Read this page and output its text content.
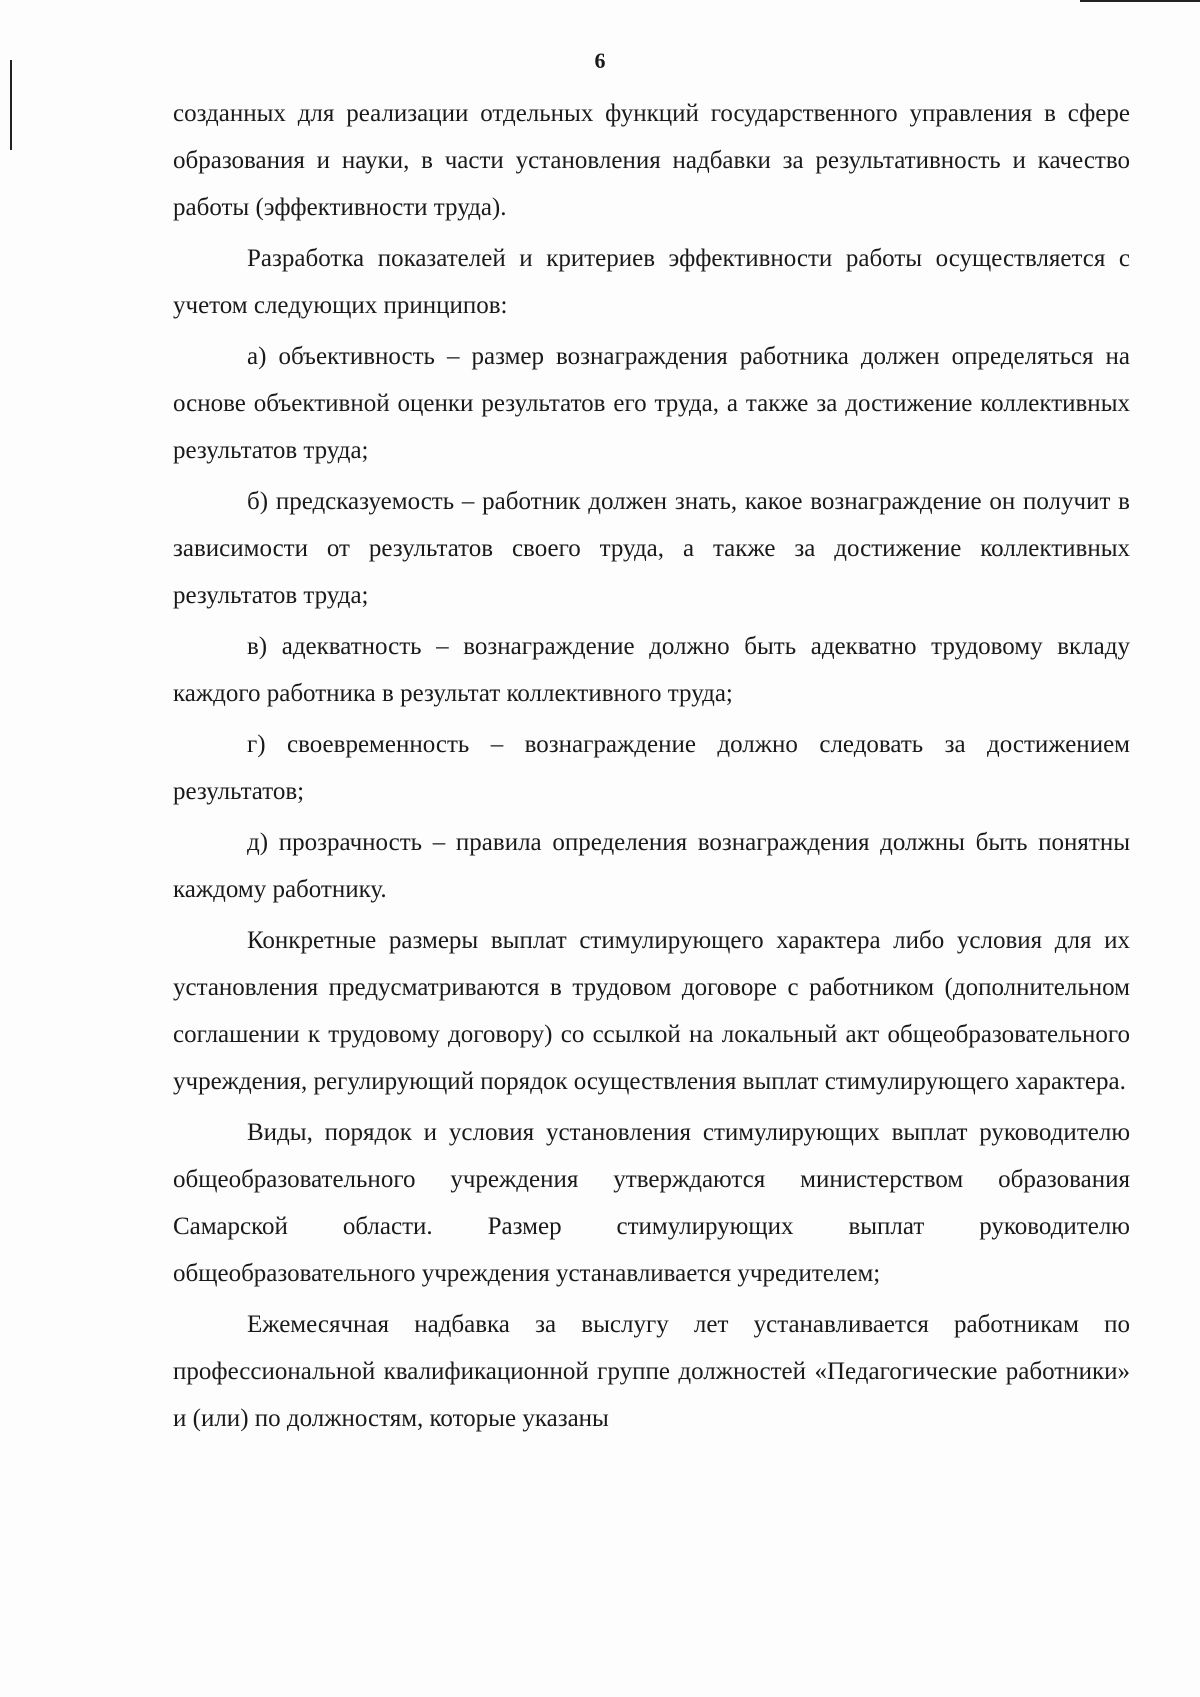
6

созданных для реализации отдельных функций государственного управления в сфере образования и науки, в части установления надбавки за результативность и качество работы (эффективности труда).

Разработка показателей и критериев эффективности работы осуществляется с учетом следующих принципов:

а) объективность – размер вознаграждения работника должен определяться на основе объективной оценки результатов его труда, а также за достижение коллективных результатов труда;

б) предсказуемость – работник должен знать, какое вознаграждение он получит в зависимости от результатов своего труда, а также за достижение коллективных результатов труда;

в) адекватность – вознаграждение должно быть адекватно трудовому вкладу каждого работника в результат коллективного труда;

г) своевременность – вознаграждение должно следовать за достижением результатов;

д) прозрачность – правила определения вознаграждения должны быть понятны каждому работнику.

Конкретные размеры выплат стимулирующего характера либо условия для их установления предусматриваются в трудовом договоре с работником (дополнительном соглашении к трудовому договору) со ссылкой на локальный акт общеобразовательного учреждения, регулирующий порядок осуществления выплат стимулирующего характера.

Виды, порядок и условия установления стимулирующих выплат руководителю общеобразовательного учреждения утверждаются министерством образования Самарской области. Размер стимулирующих выплат руководителю общеобразовательного учреждения устанавливается учредителем;

Ежемесячная надбавка за выслугу лет устанавливается работникам по профессиональной квалификационной группе должностей «Педагогические работники» и (или) по должностям, которые указаны
